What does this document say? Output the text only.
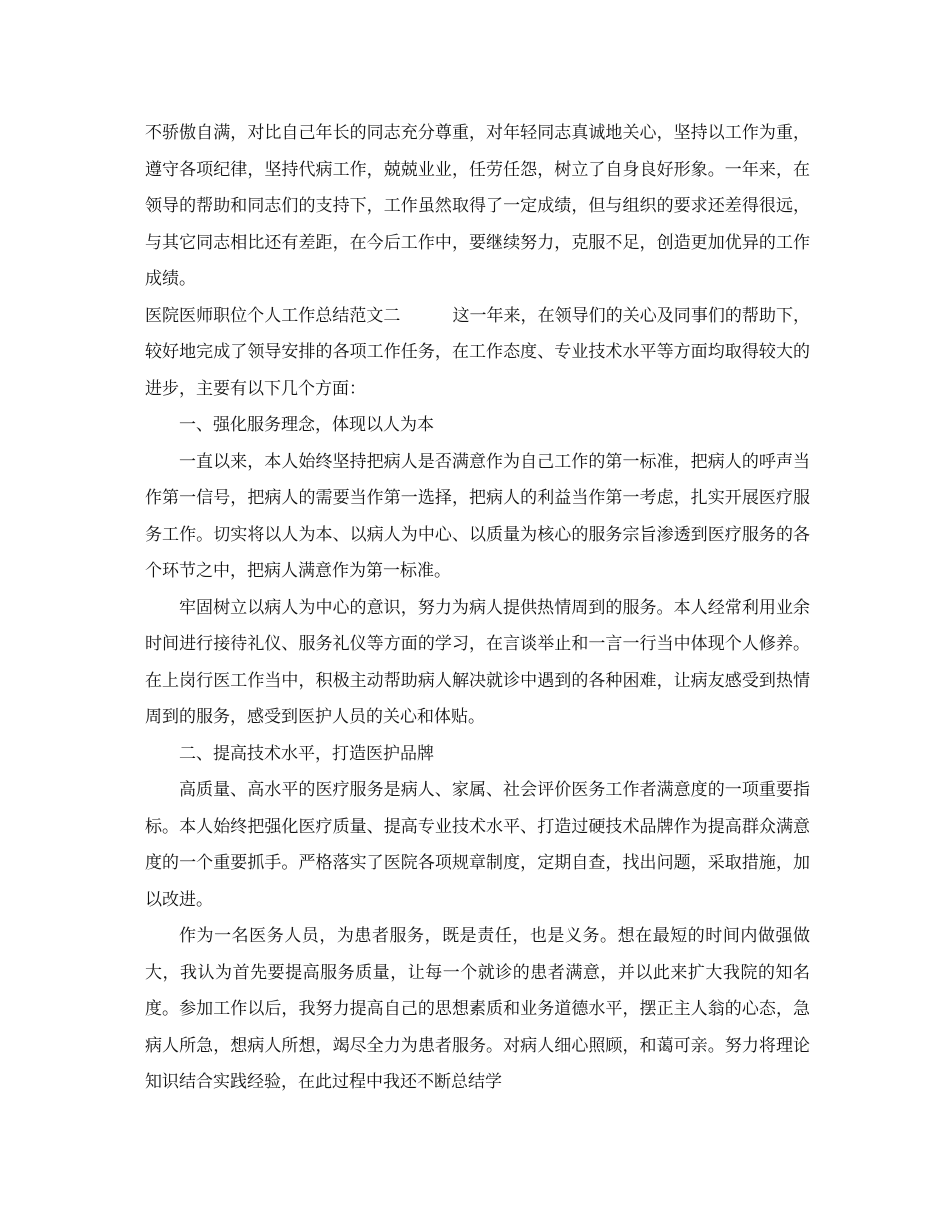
不骄傲自满，对比自己年长的同志充分尊重，对年轻同志真诚地关心，坚持以工作为重，遵守各项纪律，坚持代病工作，兢兢业业，任劳任怨，树立了自身良好形象。一年来，在领导的帮助和同志们的支持下，工作虽然取得了一定成绩，但与组织的要求还差得很远，与其它同志相比还有差距，在今后工作中，要继续努力，克服不足，创造更加优异的工作成绩。

医院医师职位个人工作总结范文二	这一年来，在领导们的关心及同事们的帮助下，较好地完成了领导安排的各项工作任务，在工作态度、专业技术水平等方面均取得较大的进步，主要有以下几个方面：

一、强化服务理念，体现以人为本

一直以来，本人始终坚持把病人是否满意作为自己工作的第一标准，把病人的呼声当作第一信号，把病人的需要当作第一选择，把病人的利益当作第一考虑，扎实开展医疗服务工作。切实将以人为本、以病人为中心、以质量为核心的服务宗旨渗透到医疗服务的各个环节之中，把病人满意作为第一标准。

牢固树立以病人为中心的意识，努力为病人提供热情周到的服务。本人经常利用业余时间进行接待礼仪、服务礼仪等方面的学习，在言谈举止和一言一行当中体现个人修养。在上岗行医工作当中，积极主动帮助病人解决就诊中遇到的各种困难，让病友感受到热情周到的服务，感受到医护人员的关心和体贴。

二、提高技术水平，打造医护品牌

高质量、高水平的医疗服务是病人、家属、社会评价医务工作者满意度的一项重要指标。本人始终把强化医疗质量、提高专业技术水平、打造过硬技术品牌作为提高群众满意度的一个重要抓手。严格落实了医院各项规章制度，定期自查，找出问题，采取措施，加以改进。

作为一名医务人员，为患者服务，既是责任，也是义务。想在最短的时间内做强做大，我认为首先要提高服务质量，让每一个就诊的患者满意，并以此来扩大我院的知名度。参加工作以后，我努力提高自己的思想素质和业务道德水平，摆正主人翁的心态，急病人所急，想病人所想，竭尽全力为患者服务。对病人细心照顾，和蔼可亲。努力将理论知识结合实践经验，在此过程中我还不断总结学
